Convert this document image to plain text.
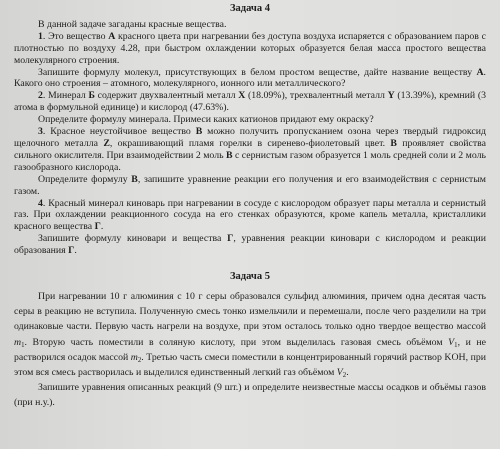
Задача 4

В данной задаче загаданы красные вещества.

1. Это вещество А красного цвета при нагревании без доступа воздуха испаряется с образованием паров с плотностью по воздуху 4.28, при быстром охлаждении которых образуется белая масса простого вещества молекулярного строения.

Запишите формулу молекул, присутствующих в белом простом веществе, дайте название веществу А. Какого оно строения – атомного, молекулярного, ионного или металлического?

2. Минерал Б содержит двухвалентный металл X (18.09%), трехвалентный металл Y (13.39%), кремний (3 атома в формульной единице) и кислород (47.63%).

Определите формулу минерала. Примеси каких катионов придают ему окраску?

3. Красное неустойчивое вещество В можно получить пропусканием озона через твердый гидроксид щелочного металла Z, окрашивающий пламя горелки в сиренево-фиолетовый цвет. В проявляет свойства сильного окислителя. При взаимодействии 2 моль В с сернистым газом образуется 1 моль средней соли и 2 моль газообразного кислорода.

Определите формулу В, запишите уравнение реакции его получения и его взаимодействия с сернистым газом.

4. Красный минерал киноварь при нагревании в сосуде с кислородом образует пары металла и сернистый газ. При охлаждении реакционного сосуда на его стенках образуются, кроме капель металла, кристаллики красного вещества Г.

Запишите формулу киновари и вещества Г, уравнения реакции киновари с кислородом и реакции образования Г.

Задача 5

При нагревании 10 г алюминия с 10 г серы образовался сульфид алюминия, причем одна десятая часть серы в реакцию не вступила. Полученную смесь тонко измельчили и перемешали, после чего разделили на три одинаковые части. Первую часть нагрели на воздухе, при этом осталось только одно твердое вещество массой $m_1$. Вторую часть поместили в соляную кислоту, при этом выделилась газовая смесь объёмом $V_1$, и не растворился осадок массой $m_2$. Третью часть смеси поместили в концентрированный горячий раствор KOH, при этом вся смесь растворилась и выделился единственный легкий газ объёмом $V_2$.

Запишите уравнения описанных реакций (9 шт.) и определите неизвестные массы осадков и объёмы газов (при н.у.).
